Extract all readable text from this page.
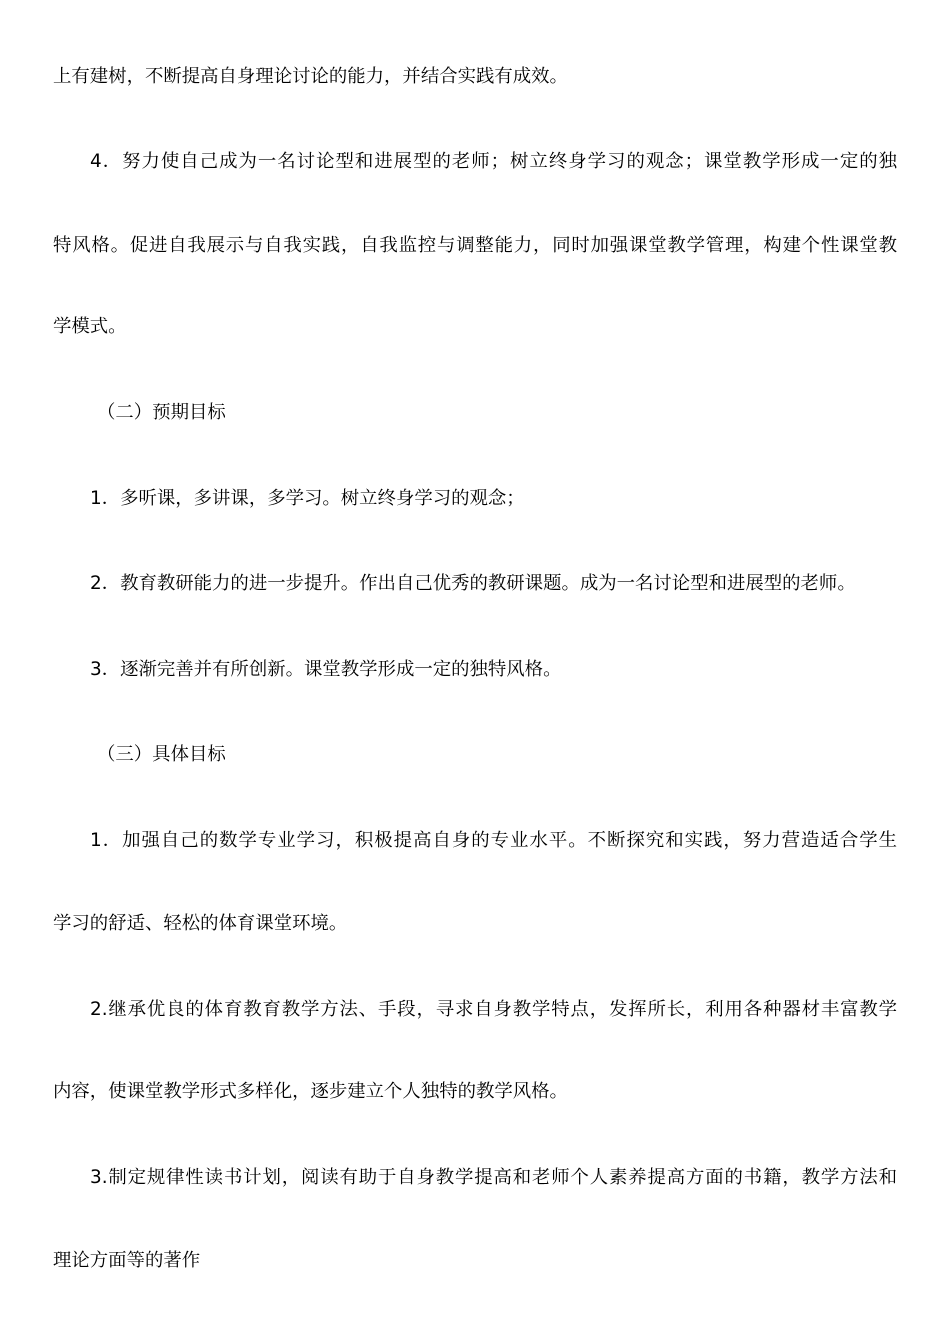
上有建树，不断提高自身理论讨论的能力，并结合实践有成效。
4．努力使自己成为一名讨论型和进展型的老师；树立终身学习的观念；课堂教学形成一定的独
特风格。促进自我展示与自我实践，自我监控与调整能力，同时加强课堂教学管理，构建个性课堂教
学模式。
（二）预期目标
1．多听课，多讲课，多学习。树立终身学习的观念；
2．教育教研能力的进一步提升。作出自己优秀的教研课题。成为一名讨论型和进展型的老师。
3．逐渐完善并有所创新。课堂教学形成一定的独特风格。
（三）具体目标
1．加强自己的数学专业学习，积极提高自身的专业水平。不断探究和实践，努力营造适合学生
学习的舒适、轻松的体育课堂环境。
2.继承优良的体育教育教学方法、手段，寻求自身教学特点，发挥所长，利用各种器材丰富教学
内容，使课堂教学形式多样化，逐步建立个人独特的教学风格。
3.制定规律性读书计划，阅读有助于自身教学提高和老师个人素养提高方面的书籍，教学方法和
理论方面等的著作
